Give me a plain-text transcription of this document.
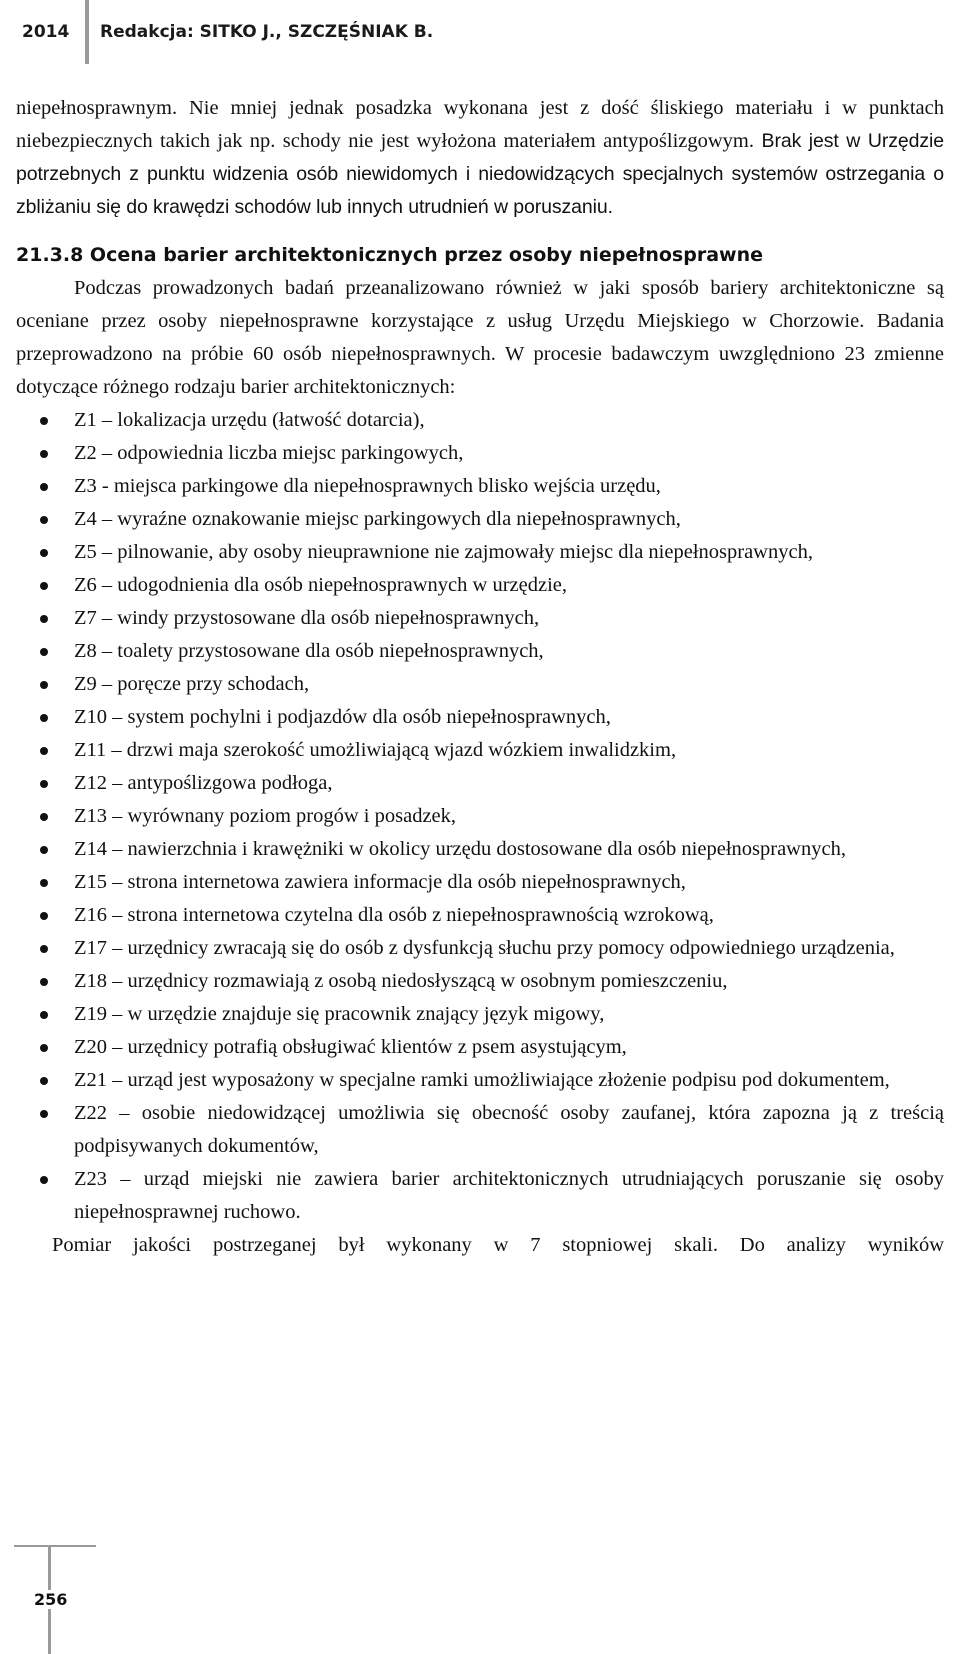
2014 Redakcja: SITKO J., SZCZĘŚNIAK B.

niepełnosprawnym. Nie mniej jednak posadzka wykonana jest z dość śliskiego materiału i w punktach niebezpiecznych takich jak np. schody nie jest wyłożona materiałem antypoślizgowym. Brak jest w Urzędzie potrzebnych z punktu widzenia osób niewidomych i niedowidzących specjalnych systemów ostrzegania o zbliżaniu się do krawędzi schodów lub innych utrudnień w poruszaniu.

21.3.8 Ocena barier architektonicznych przez osoby niepełnosprawne

Podczas prowadzonych badań przeanalizowano również w jaki sposób bariery architektoniczne są oceniane przez osoby niepełnosprawne korzystające z usług Urzędu Miejskiego w Chorzowie. Badania przeprowadzono na próbie 60 osób niepełnosprawnych. W procesie badawczym uwzględniono 23 zmienne dotyczące różnego rodzaju barier architektonicznych:

Z1 – lokalizacja urzędu (łatwość dotarcia),
Z2 – odpowiednia liczba miejsc parkingowych,
Z3 - miejsca parkingowe dla niepełnosprawnych blisko wejścia urzędu,
Z4 – wyraźne oznakowanie miejsc parkingowych dla niepełnosprawnych,
Z5 – pilnowanie, aby osoby nieuprawnione nie zajmowały miejsc dla niepełnosprawnych,
Z6 – udogodnienia dla osób niepełnosprawnych w urzędzie,
Z7 – windy przystosowane dla osób niepełnosprawnych,
Z8 – toalety przystosowane dla osób niepełnosprawnych,
Z9 – poręcze przy schodach,
Z10 – system pochylni i podjazdów dla osób niepełnosprawnych,
Z11 – drzwi maja szerokość umożliwiającą wjazd wózkiem inwalidzkim,
Z12 – antypoślizgowa podłoga,
Z13 – wyrównany poziom progów i posadzek,
Z14 – nawierzchnia i krawężniki w okolicy urzędu dostosowane dla osób niepełnosprawnych,
Z15 – strona internetowa zawiera informacje dla osób niepełnosprawnych,
Z16 – strona internetowa czytelna dla osób z niepełnosprawnością wzrokową,
Z17 – urzędnicy zwracają się do osób z dysfunkcją słuchu przy pomocy odpowiedniego urządzenia,
Z18 – urzędnicy rozmawiają z osobą niedosłyszącą w osobnym pomieszczeniu,
Z19 – w urzędzie znajduje się pracownik znający język migowy,
Z20 – urzędnicy potrafią obsługiwać klientów z psem asystującym,
Z21 – urząd jest wyposażony w specjalne ramki umożliwiające złożenie podpisu pod dokumentem,
Z22 – osobie niedowidzącej umożliwia się obecność osoby zaufanej, która zapozna ją z treścią podpisywanych dokumentów,
Z23 – urząd miejski nie zawiera barier architektonicznych utrudniających poruszanie się osoby niepełnosprawnej ruchowo.

Pomiar jakości postrzeganej był wykonany w 7 stopniowej skali. Do analizy wyników

256
